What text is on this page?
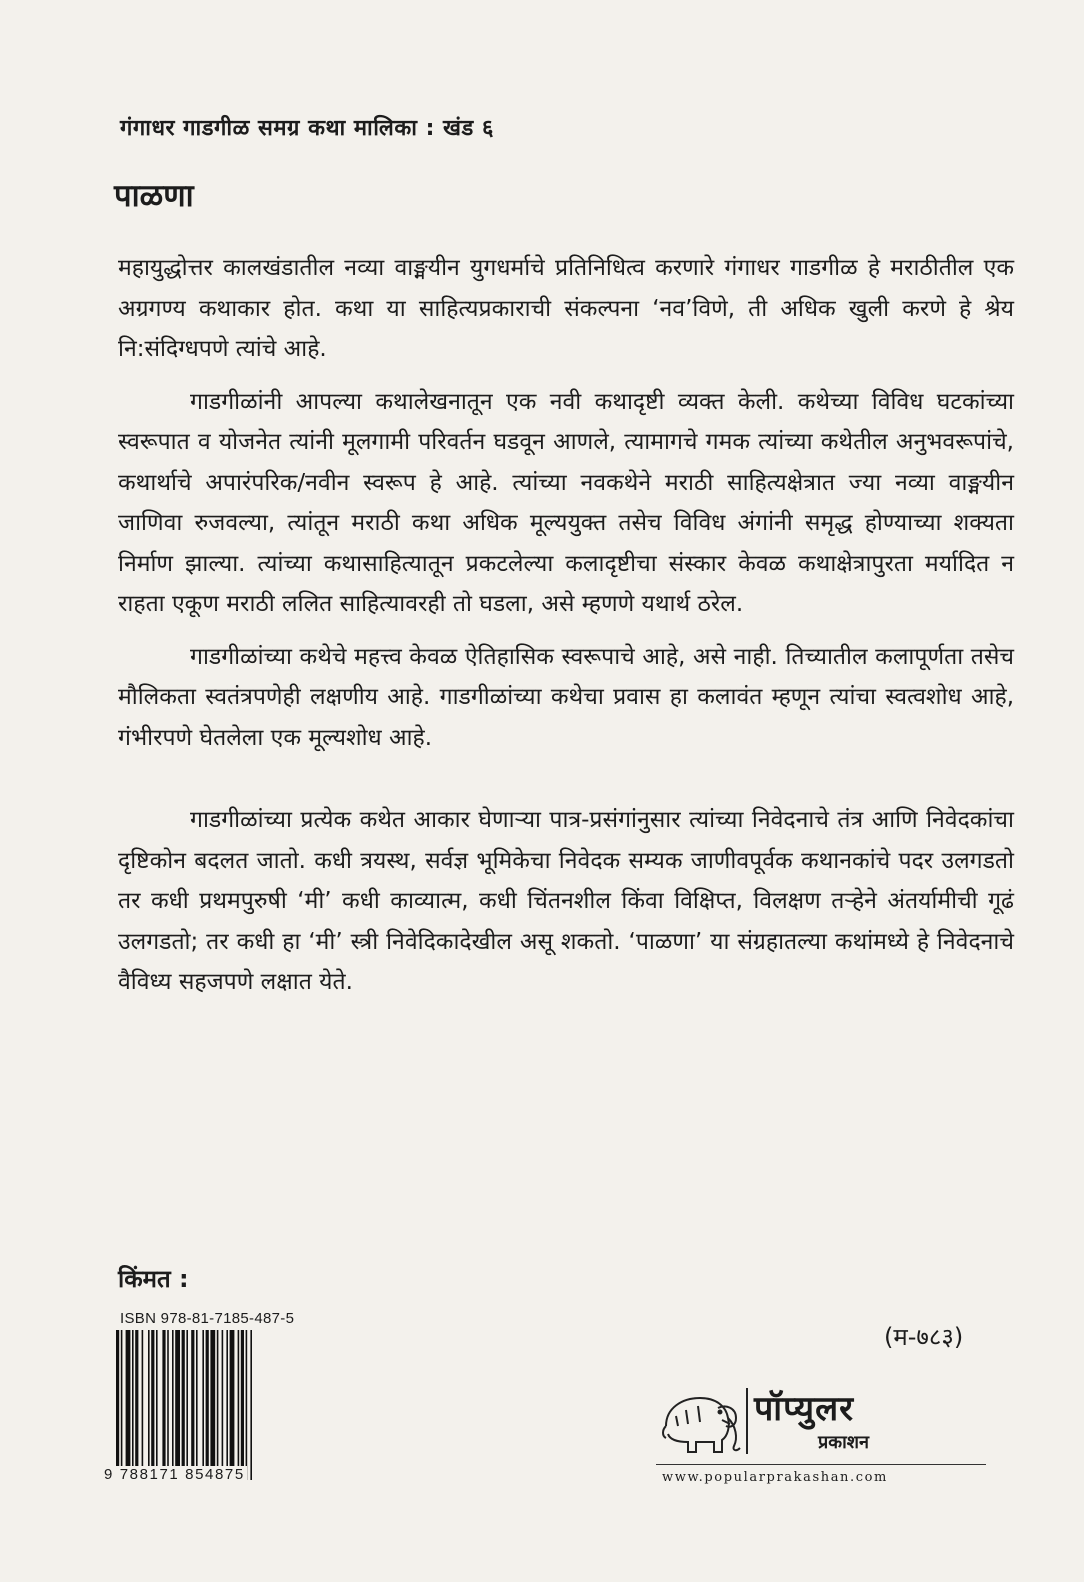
गंगाधर गाडगीळ समग्र कथा मालिका : खंड ६
पाळणा

महायुद्धोत्तर कालखंडातील नव्या वाङ्मयीन युगधर्माचे प्रतिनिधित्व करणारे गंगाधर गाडगीळ हे मराठीतील एक अग्रगण्य कथाकार होत. कथा या साहित्यप्रकाराची संकल्पना ‘नव’विणे, ती अधिक खुली करणे हे श्रेय नि:संदिग्धपणे त्यांचे आहे.

गाडगीळांनी आपल्या कथालेखनातून एक नवी कथादृष्टी व्यक्त केली. कथेच्या विविध घटकांच्या स्वरूपात व योजनेत त्यांनी मूलगामी परिवर्तन घडवून आणले, त्यामागचे गमक त्यांच्या कथेतील अनुभवरूपांचे, कथार्थाचे अपारंपरिक/नवीन स्वरूप हे आहे. त्यांच्या नवकथेने मराठी साहित्यक्षेत्रात ज्या नव्या वाङ्मयीन जाणिवा रुजवल्या, त्यांतून मराठी कथा अधिक मूल्ययुक्त तसेच विविध अंगांनी समृद्ध होण्याच्या शक्यता निर्माण झाल्या. त्यांच्या कथासाहित्यातून प्रकटलेल्या कलादृष्टीचा संस्कार केवळ कथाक्षेत्रापुरता मर्यादित न राहता एकूण मराठी ललित साहित्यावरही तो घडला, असे म्हणणे यथार्थ ठरेल.

गाडगीळांच्या कथेचे महत्त्व केवळ ऐतिहासिक स्वरूपाचे आहे, असे नाही. तिच्यातील कलापूर्णता तसेच मौलिकता स्वतंत्रपणेही लक्षणीय आहे. गाडगीळांच्या कथेचा प्रवास हा कलावंत म्हणून त्यांचा स्वत्वशोध आहे, गंभीरपणे घेतलेला एक मूल्यशोध आहे.

गाडगीळांच्या प्रत्येक कथेत आकार घेणाऱ्या पात्र-प्रसंगांनुसार त्यांच्या निवेदनाचे तंत्र आणि निवेदकांचा दृष्टिकोन बदलत जातो. कधी त्रयस्थ, सर्वज्ञ भूमिकेचा निवेदक सम्यक जाणीवपूर्वक कथानकांचे पदर उलगडतो तर कधी प्रथमपुरुषी ‘मी’ कधी काव्यात्म, कधी चिंतनशील किंवा विक्षिप्त, विलक्षण तऱ्हेने अंतर्यामीची गूढं उलगडतो; तर कधी हा ‘मी’ स्त्री निवेदिकादेखील असू शकतो. ‘पाळणा’ या संग्रहातल्या कथांमध्ये हे निवेदनाचे वैविध्य सहजपणे लक्षात येते.

किंमत :
ISBN 978-81-7185-487-5
9 788171 854875
(म-७८३)
पॉप्युलर
प्रकाशन
www.popularprakashan.com
